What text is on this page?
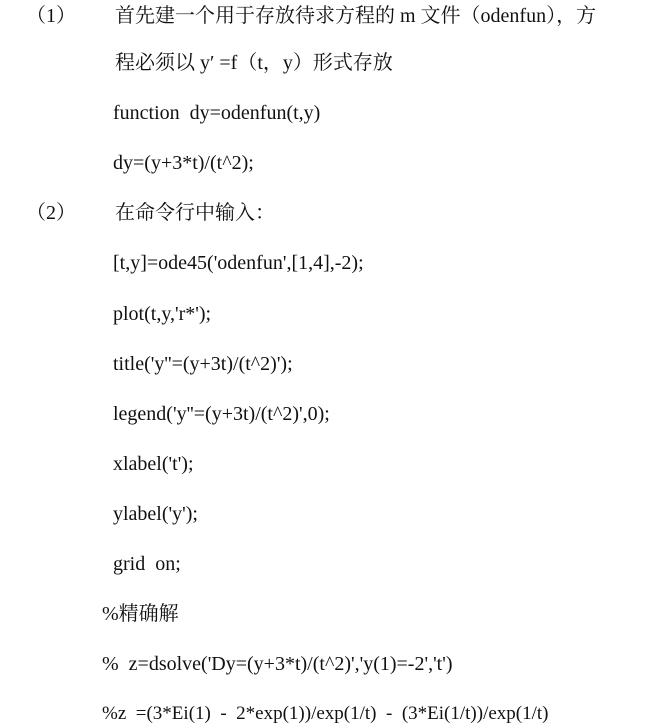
（1） 首先建一个用于存放待求方程的 m 文件（odenfun），方
程必须以 y′ =f（t，y）形式存放
function  dy=odenfun(t,y)
dy=(y+3*t)/(t^2);
（2） 在命令行中输入：
[t,y]=ode45('odenfun',[1,4],-2);
plot(t,y,'r*');
title('y''=(y+3t)/(t^2)');
legend('y''=(y+3t)/(t^2)',0);
xlabel('t');
ylabel('y');
grid  on;
%精确解
%  z=dsolve('Dy=(y+3*t)/(t^2)','y(1)=-2','t')
%z  =(3*Ei(1)  -  2*exp(1))/exp(1/t)  -  (3*Ei(1/t))/exp(1/t)
